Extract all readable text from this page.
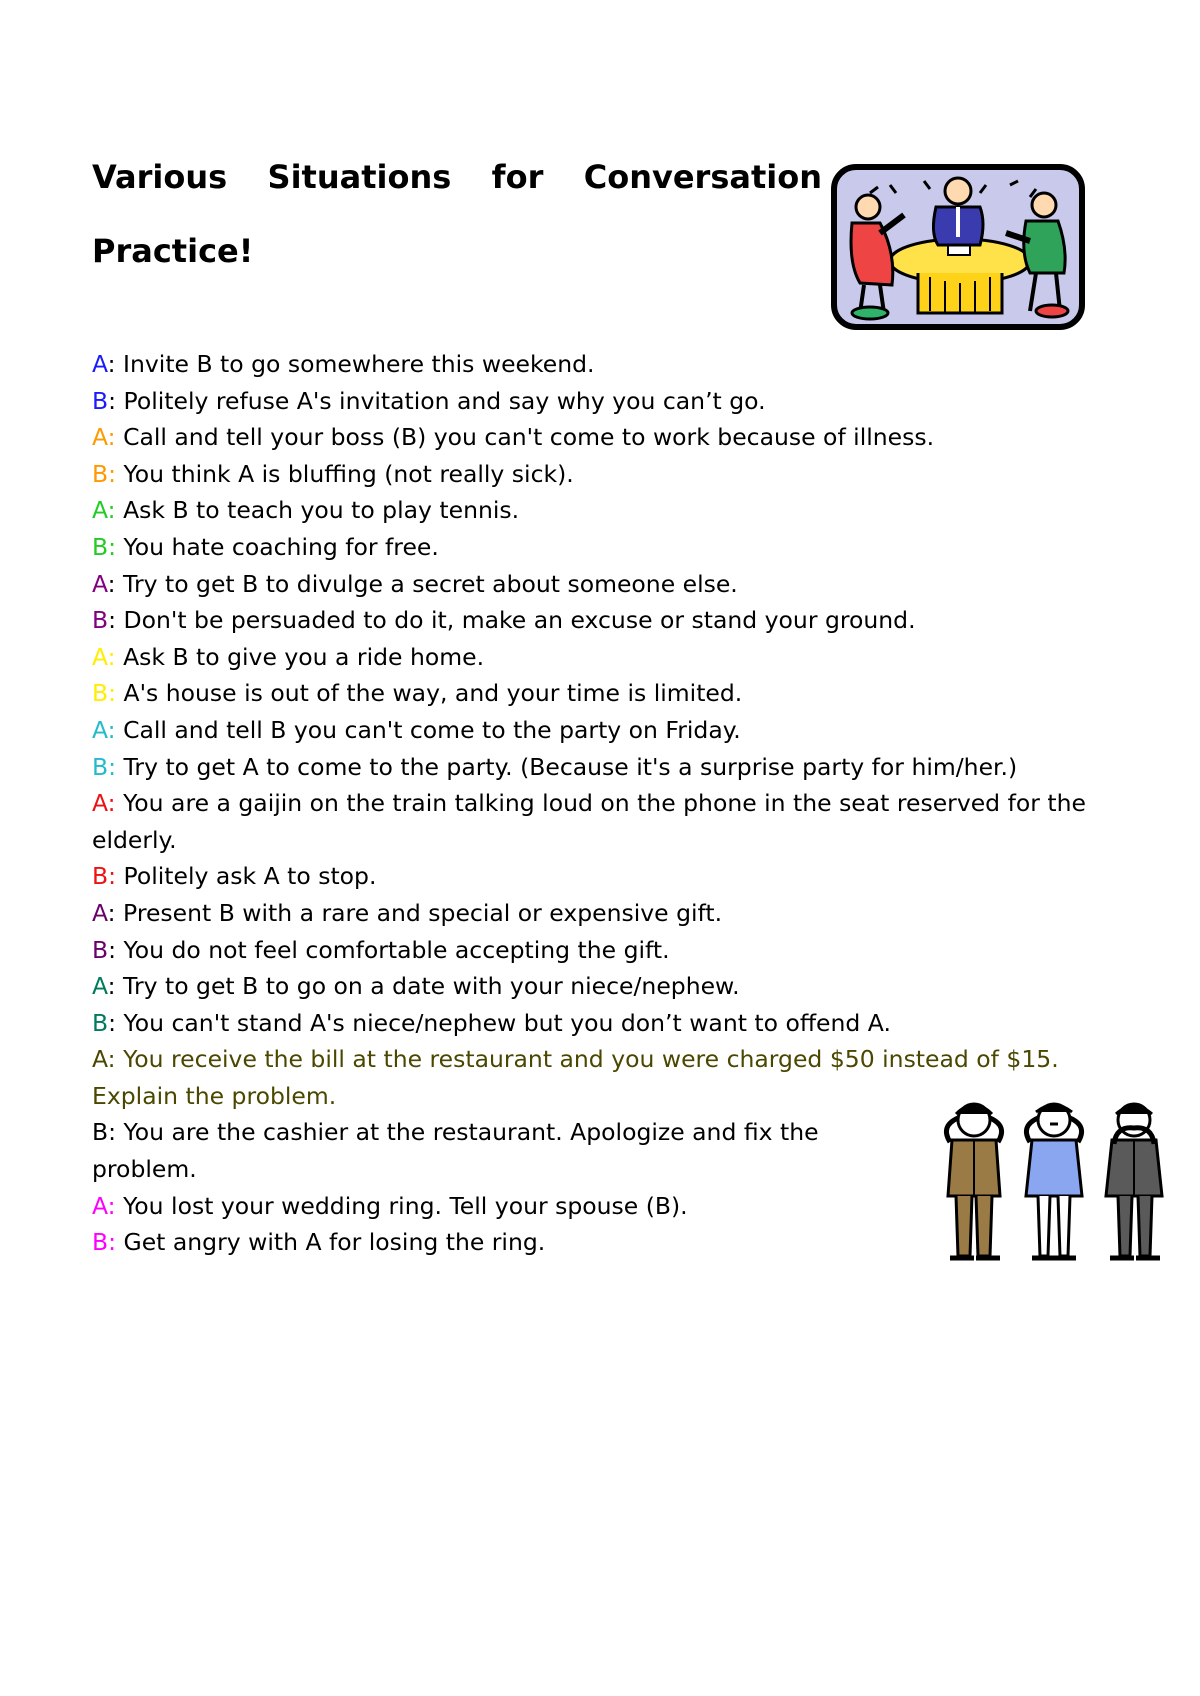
Various Situations for Conversation Practice!

A: Invite B to go somewhere this weekend.

B: Politely refuse A's invitation and say why you can’t go.

A: Call and tell your boss (B) you can't come to work because of illness.

B: You think A is bluffing (not really sick).

A: Ask B to teach you to play tennis.

B: You hate coaching for free.

A: Try to get B to divulge a secret about someone else.

B: Don't be persuaded to do it, make an excuse or stand your ground.

A: Ask B to give you a ride home.

B: A's house is out of the way, and your time is limited.

A: Call and tell B you can't come to the party on Friday.

B: Try to get A to come to the party. (Because it's a surprise party for him/her.)

A: You are a gaijin on the train talking loud on the phone in the seat reserved for the elderly.

B: Politely ask A to stop.

A: Present B with a rare and special or expensive gift.

B: You do not feel comfortable accepting the gift.

A: Try to get B to go on a date with your niece/nephew.

B: You can't stand A's niece/nephew but you don’t want to offend A.

A: You receive the bill at the restaurant and you were charged $50 instead of $15. Explain the problem.

B: You are the cashier at the restaurant. Apologize and fix the problem.

A: You lost your wedding ring. Tell your spouse (B).

B: Get angry with A for losing the ring.
